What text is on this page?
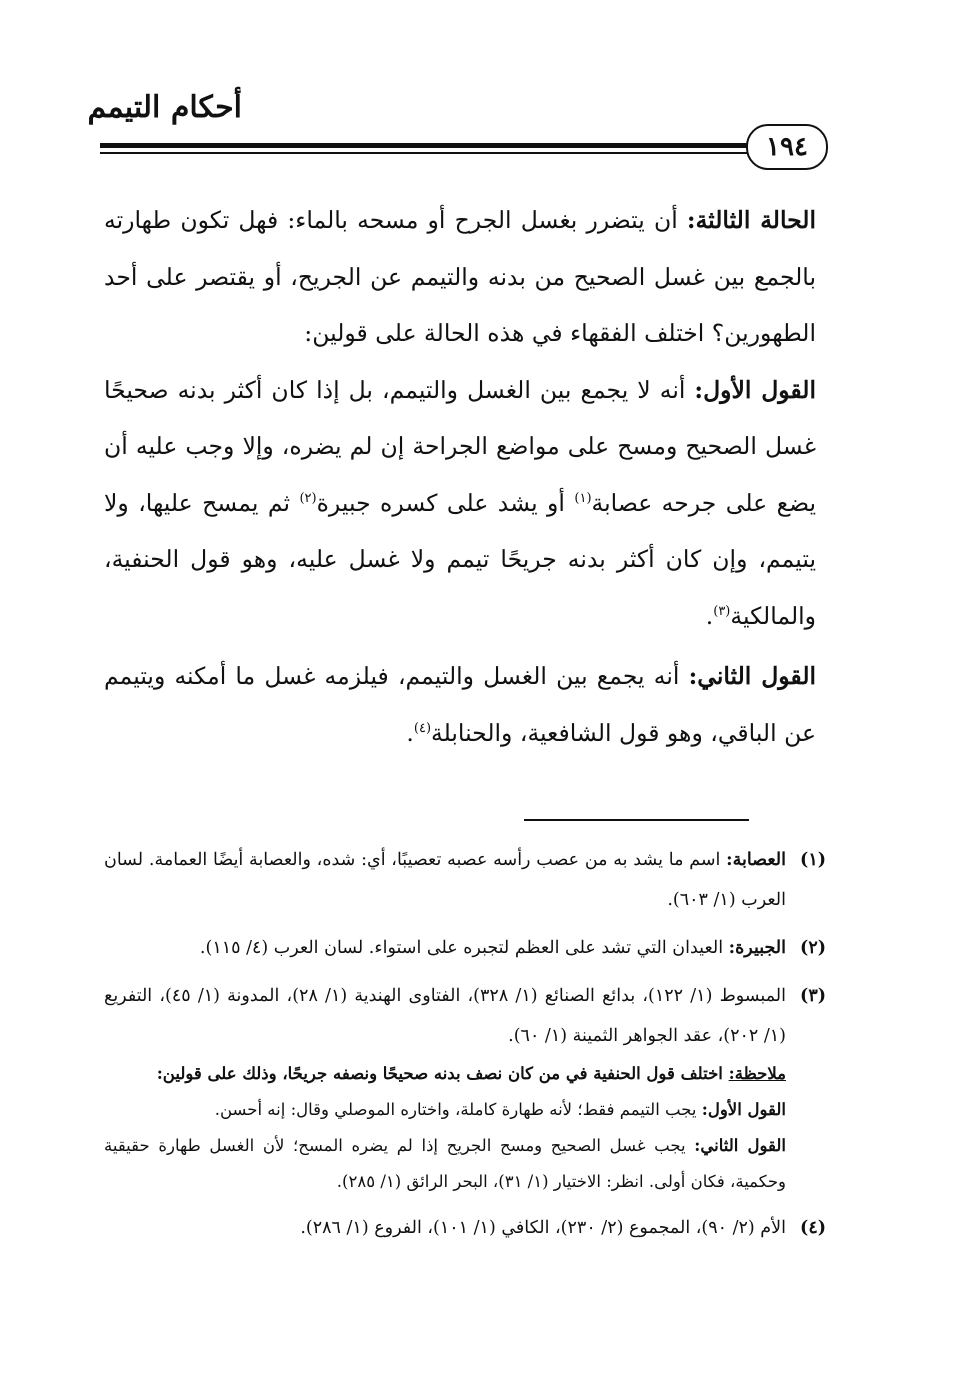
أحكام التيمم
١٩٤

الحالة الثالثة: أن يتضرر بغسل الجرح أو مسحه بالماء: فهل تكون طهارته بالجمع بين غسل الصحيح من بدنه والتيمم عن الجريح، أو يقتصر على أحد الطهورين؟ اختلف الفقهاء في هذه الحالة على قولين:

القول الأول: أنه لا يجمع بين الغسل والتيمم، بل إذا كان أكثر بدنه صحيحًا غسل الصحيح ومسح على مواضع الجراحة إن لم يضره، وإلا وجب عليه أن يضع على جرحه عصابة$^{(١)}$ أو يشد على كسره جبيرة$^{(٢)}$ ثم يمسح عليها، ولا يتيمم، وإن كان أكثر بدنه جريحًا تيمم ولا غسل عليه، وهو قول الحنفية، والمالكية$^{(٣)}$.

القول الثاني: أنه يجمع بين الغسل والتيمم، فيلزمه غسل ما أمكنه ويتيمم عن الباقي، وهو قول الشافعية، والحنابلة$^{(٤)}$.

(١)
العصابة: اسم ما يشد به من عصب رأسه عصبه تعصيبًا، أي: شده، والعصابة أيضًا العمامة. لسان العرب (١/ ٦٠٣).
(٢)
الجبيرة: العيدان التي تشد على العظم لتجبره على استواء. لسان العرب (٤/ ١١٥).
(٣)

المبسوط (١/ ١٢٢)، بدائع الصنائع (١/ ٣٢٨)، الفتاوى الهندية (١/ ٢٨)، المدونة (١/ ٤٥)، التفريع (١/ ٢٠٢)، عقد الجواهر الثمينة (١/ ٦٠).

ملاحظة: اختلف قول الحنفية في من كان نصف بدنه صحيحًا ونصفه جريحًا، وذلك على قولين:

القول الأول: يجب التيمم فقط؛ لأنه طهارة كاملة، واختاره الموصلي وقال: إنه أحسن.

القول الثاني: يجب غسل الصحيح ومسح الجريح إذا لم يضره المسح؛ لأن الغسل طهارة حقيقية وحكمية، فكان أولى. انظر: الاختيار (١/ ٣١)، البحر الرائق (١/ ٢٨٥).

(٤)
الأم (٢/ ٩٠)، المجموع (٢/ ٢٣٠)، الكافي (١/ ١٠١)، الفروع (١/ ٢٨٦).
